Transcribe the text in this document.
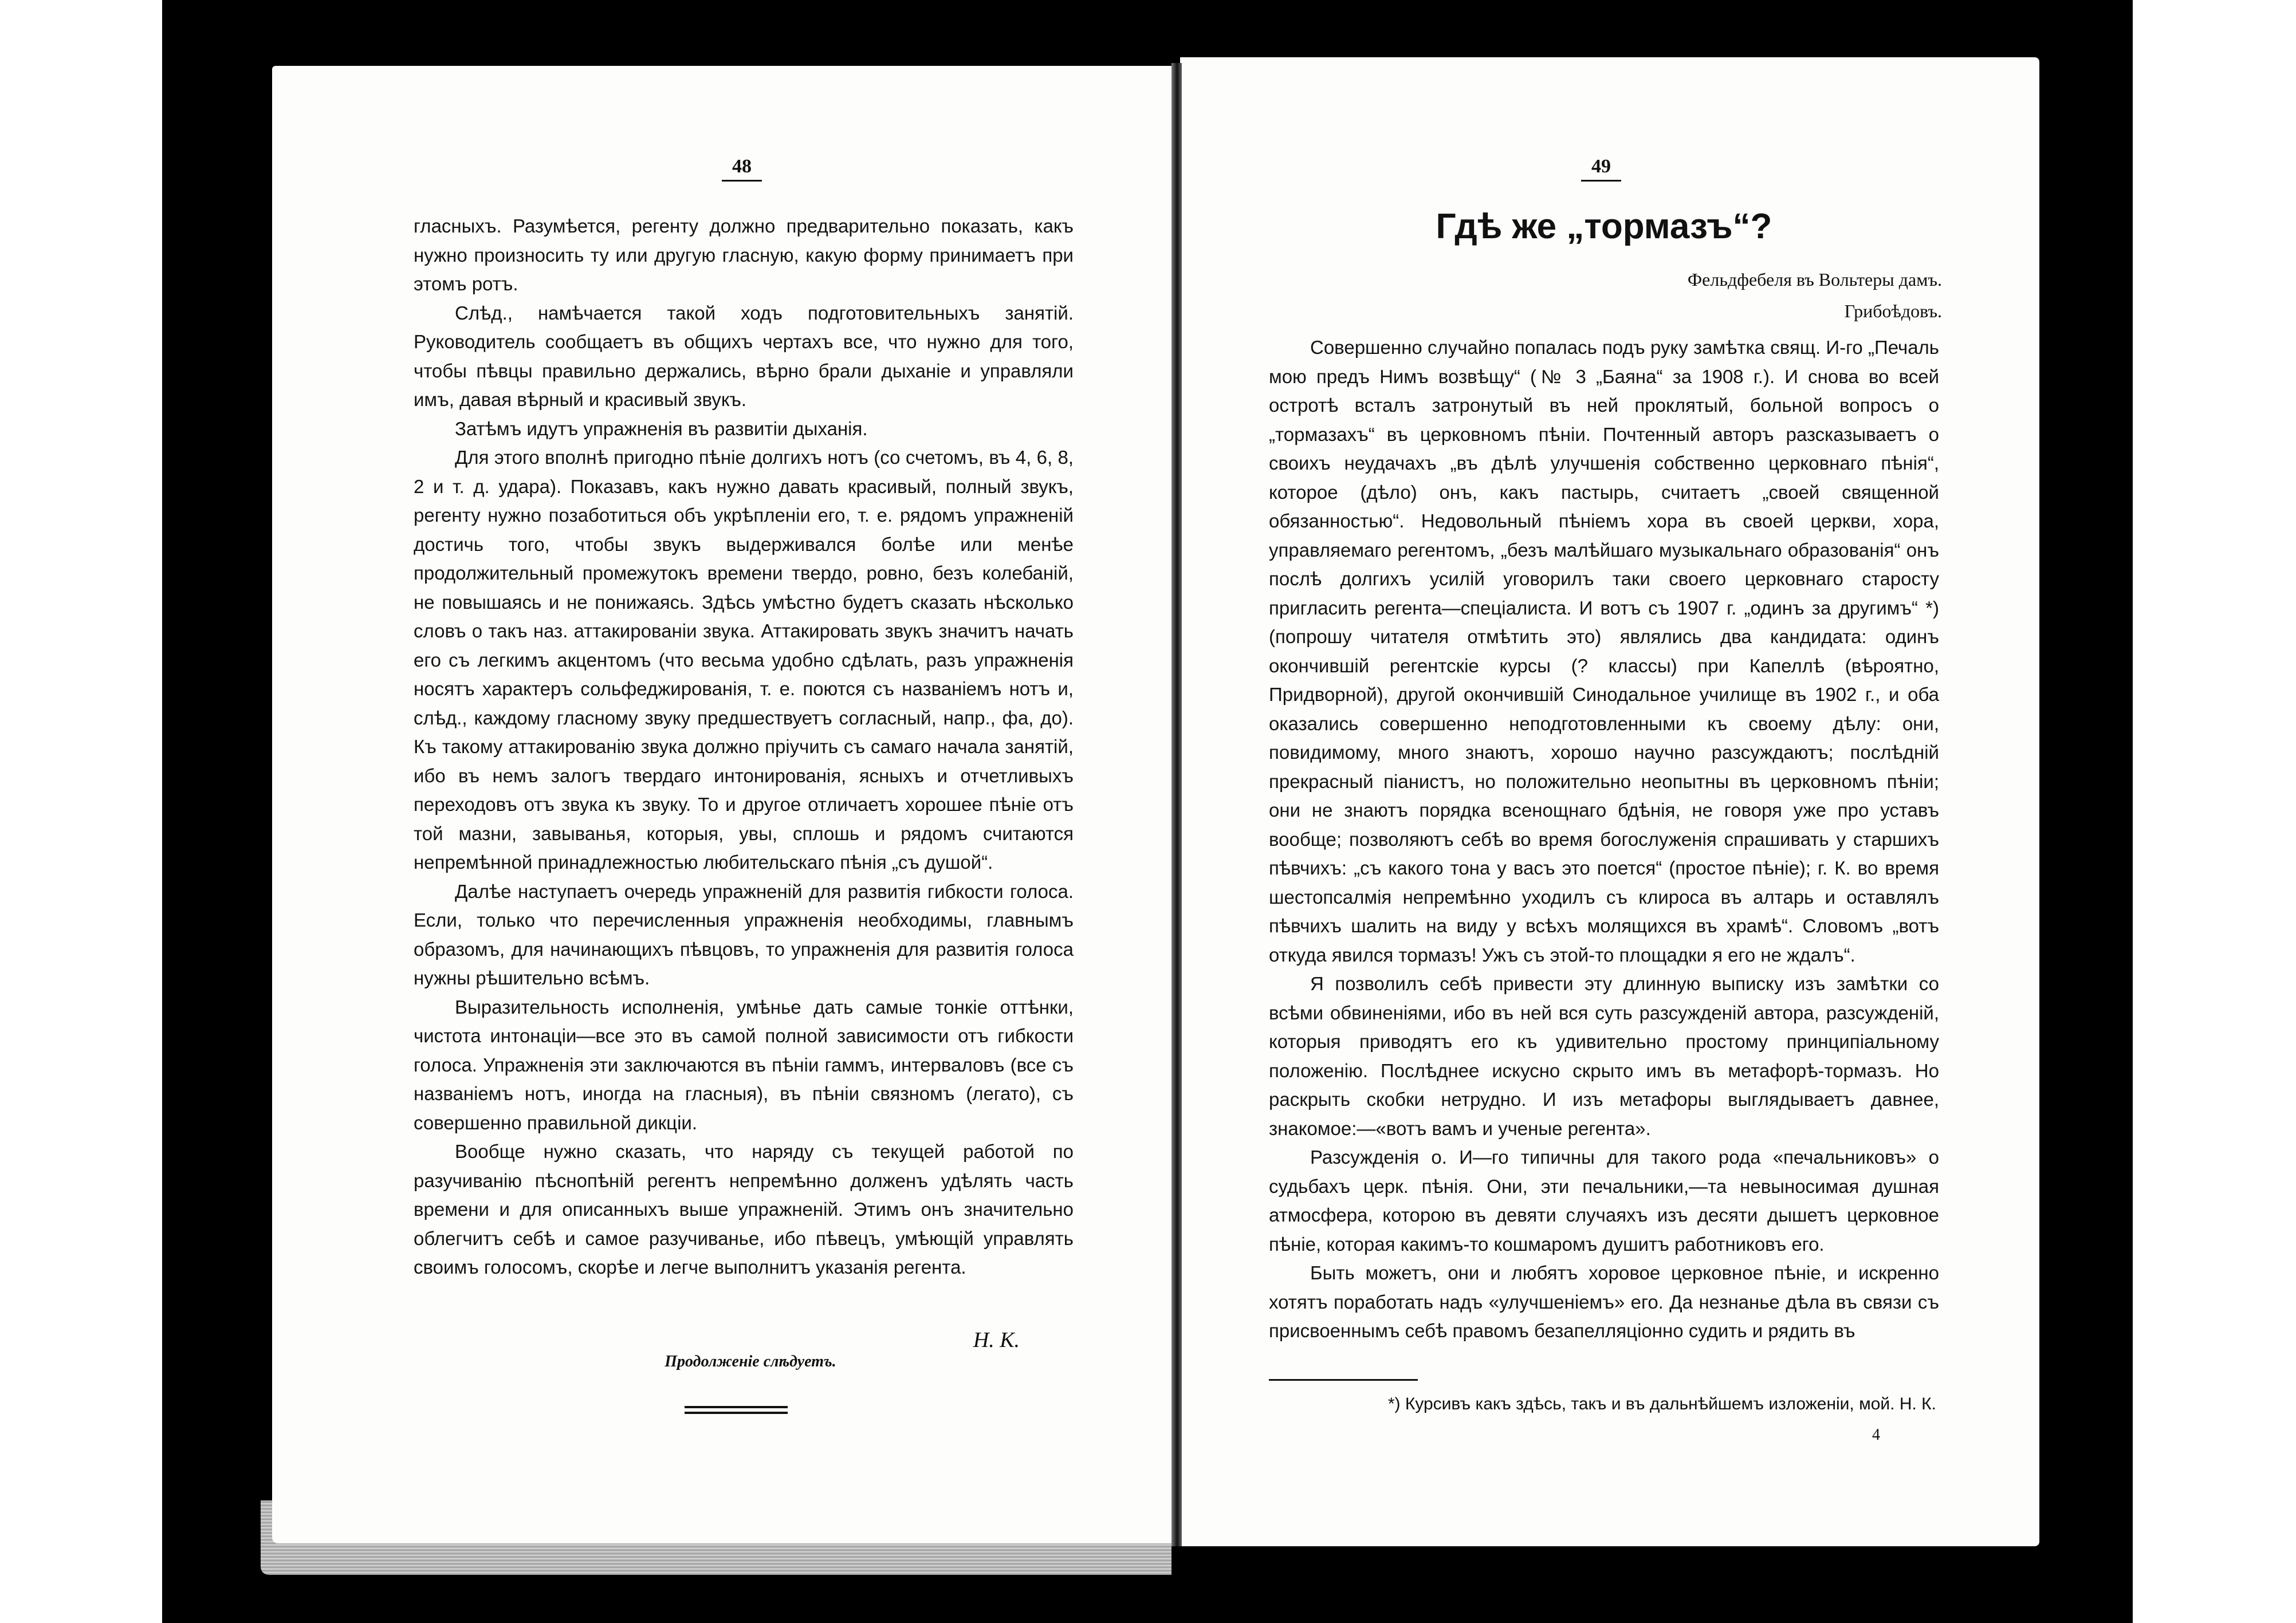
48

гласныхъ. Разумѣется, регенту должно предварительно показать, какъ нужно произносить ту или другую гласную, какую форму принимаетъ при этомъ ротъ.

Слѣд., намѣчается такой ходъ подготовительныхъ занятій. Руководитель сообщаетъ въ общихъ чертахъ все, что нужно для того, чтобы пѣвцы правильно держались, вѣрно брали дыханіе и управляли имъ, давая вѣрный и красивый звукъ.

Затѣмъ идутъ упражненія въ развитіи дыханія.

Для этого вполнѣ пригодно пѣніе долгихъ нотъ (со счетомъ, въ 4, 6, 8, 2 и т. д. удара). Показавъ, какъ нужно давать красивый, полный звукъ, регенту нужно позаботиться объ укрѣпленіи его, т. е. рядомъ упражненій достичь того, чтобы звукъ выдерживался болѣе или менѣе продолжительный промежутокъ времени твердо, ровно, безъ колебаній, не повышаясь и не понижаясь. Здѣсь умѣстно будетъ сказать нѣсколько словъ о такъ наз. аттакированіи звука. Аттакировать звукъ значитъ начать его съ легкимъ акцентомъ (что весьма удобно сдѣлать, разъ упражненія носятъ характеръ сольфеджированія, т. е. поются съ названіемъ нотъ и, слѣд., каждому гласному звуку предшествуетъ согласный, напр., фа, до). Къ такому аттакированію звука должно пріучить съ самаго начала занятій, ибо въ немъ залогъ твердаго интонированія, ясныхъ и отчетливыхъ переходовъ отъ звука къ звуку. То и другое отличаетъ хорошее пѣніе отъ той мазни, завыванья, которыя, увы, сплошь и рядомъ считаются непремѣнной принадлежностью любительскаго пѣнія „съ душой“.

Далѣе наступаетъ очередь упражненій для развитія гибкости голоса. Если, только что перечисленныя упражненія необходимы, главнымъ образомъ, для начинающихъ пѣвцовъ, то упражненія для развитія голоса нужны рѣшительно всѣмъ.

Выразительность исполненія, умѣнье дать самые тонкіе оттѣнки, чистота интонаціи—все это въ самой полной зависимости отъ гибкости голоса. Упражненія эти заключаются въ пѣніи гаммъ, интерваловъ (все съ названіемъ нотъ, иногда на гласныя), въ пѣніи связномъ (легато), съ совершенно правильной дикціи.

Вообще нужно сказать, что наряду съ текущей работой по разучиванію пѣснопѣній регентъ непремѣнно долженъ удѣлять часть времени и для описанныхъ выше упражненій. Этимъ онъ значительно облегчитъ себѣ и самое разучиванье, ибо пѣвецъ, умѣющій управлять своимъ голосомъ, скорѣе и легче выполнитъ указанія регента.

Н. К.
Продолженіе слѣдуетъ.
49
Гдѣ же „тормазъ“?
Фельдфебеля въ Вольтеры дамъ.
Грибоѣдовъ.

Совершенно случайно попалась подъ руку замѣтка свящ. И-го „Печаль мою предъ Нимъ возвѣщу“ (№ 3 „Баяна“ за 1908 г.). И снова во всей остротѣ всталъ затронутый въ ней проклятый, больной вопросъ о „тормазахъ“ въ церковномъ пѣніи. Почтенный авторъ разсказываетъ о своихъ неудачахъ „въ дѣлѣ улучшенія собственно церковнаго пѣнія“, которое (дѣло) онъ, какъ пастырь, считаетъ „своей священной обязанностью“. Недовольный пѣніемъ хора въ своей церкви, хора, управляемаго регентомъ, „безъ малѣйшаго музыкальнаго образованія“ онъ послѣ долгихъ усилій уговорилъ таки своего церковнаго старосту пригласить регента—спеціалиста. И вотъ съ 1907 г. „одинъ за другимъ“ *) (попрошу читателя отмѣтить это) являлись два кандидата: одинъ окончившій регентскіе курсы (? классы) при Капеллѣ (вѣроятно, Придворной), другой окончившій Синодальное училище въ 1902 г., и оба оказались совершенно неподготовленными къ своему дѣлу: они, повидимому, много знаютъ, хорошо научно разсуждаютъ; послѣдній прекрасный піанистъ, но положительно неопытны въ церковномъ пѣніи; они не знаютъ порядка всенощнаго бдѣнія, не говоря уже про уставъ вообще; позволяютъ себѣ во время богослуженія спрашивать у старшихъ пѣвчихъ: „съ какого тона у васъ это поется“ (простое пѣніе); г. К. во время шестопсалмія непремѣнно уходилъ съ клироса въ алтарь и оставлялъ пѣвчихъ шалить на виду у всѣхъ молящихся въ храмѣ“. Словомъ „вотъ откуда явился тормазъ! Ужъ съ этой-то площадки я его не ждалъ“.

Я позволилъ себѣ привести эту длинную выписку изъ замѣтки со всѣми обвиненіями, ибо въ ней вся суть разсужденій автора, разсужденій, которыя приводятъ его къ удивительно простому принципіальному положенію. Послѣднее искусно скрыто имъ въ метафорѣ-тормазъ. Но раскрыть скобки нетрудно. И изъ метафоры выглядываетъ давнее, знакомое:—«вотъ вамъ и ученые регента».

Разсужденія о. И—го типичны для такого рода «печальниковъ» о судьбахъ церк. пѣнія. Они, эти печальники,—та невыносимая душная атмосфера, которою въ девяти случаяхъ изъ десяти дышетъ церковное пѣніе, которая какимъ-то кошмаромъ душитъ работниковъ его.

Быть можетъ, они и любятъ хоровое церковное пѣніе, и искренно хотятъ поработать надъ «улучшеніемъ» его. Да незнанье дѣла въ связи съ присвоеннымъ себѣ правомъ безапелляціонно судить и рядить въ

*) Курсивъ какъ здѣсь, такъ и въ дальнѣйшемъ изложеніи, мой. Н. К.
4
